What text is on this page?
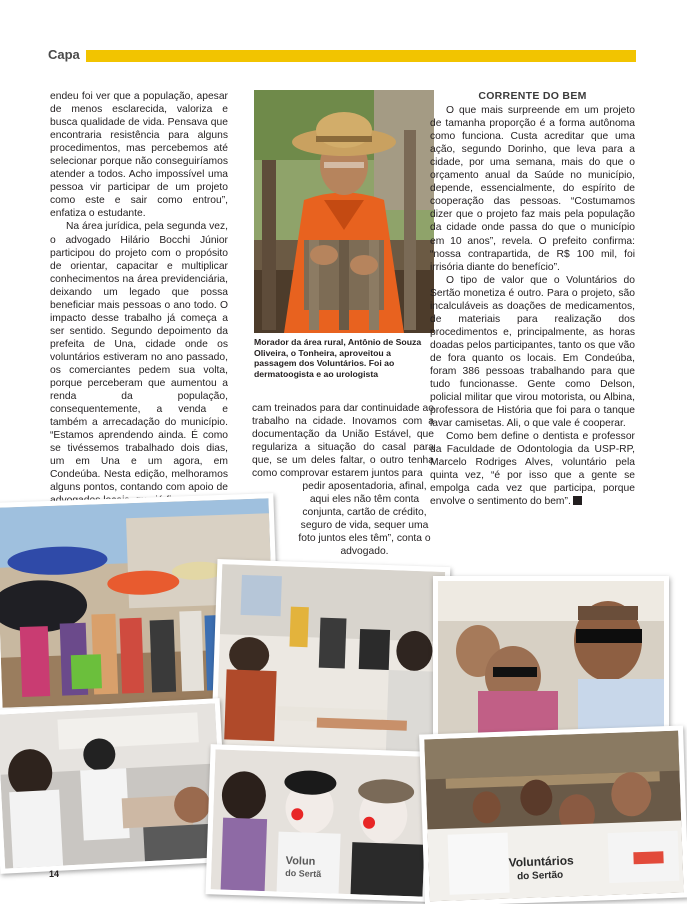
Capa

endeu foi ver que a população, apesar de menos esclarecida, valoriza e busca qualidade de vida. Pensava que encontraria resistência para alguns procedimentos, mas percebemos até selecionar porque não conseguiríamos atender a todos. Acho impossível uma pessoa vir participar de um projeto como este e sair como entrou”, enfatiza o estudante.

Na área jurídica, pela segunda vez, o advogado Hilário Bocchi Júnior participou do projeto com o propósito de orientar, capacitar e multiplicar conhecimentos na área previdenciária, deixando um legado que possa beneficiar mais pessoas o ano todo. O impacto desse trabalho já começa a ser sentido. Segundo depoimento da prefeita de Una, cidade onde os voluntários estiveram no ano passado, os comerciantes pedem sua volta, porque perceberam que aumentou a renda da população, consequentemente, a venda e também a arrecadação do município. “Estamos aprendendo ainda. É como se tivéssemos trabalhado dois dias, um em Una e um agora, em Condeúba. Nesta edição, melhoramos alguns pontos, contando com apoio de

Morador da área rural, Antônio de Souza Oliveira, o Tonheira, aproveitou a passagem dos Voluntários. Foi ao dermatoogista e ao urologista

cam treinados para dar continuidade ao trabalho na cidade. Inovamos com a documentação da União Estável, que regulariza a situação do casal para que, se um deles faltar, o outro tenha como comprovar estarem juntos para

pedir aposentadoria, afinal, aqui eles não têm conta conjunta, cartão de crédito, seguro de vida, sequer uma foto juntos eles têm”, conta o advogado.

CORRENTE DO BEM

O que mais surpreende em um projeto de tamanha proporção é a forma autônoma como funciona. Custa acreditar que uma ação, segundo Dorinho, que leva para a cidade, por uma semana, mais do que o orçamento anual da Saúde no município, depende, essencialmente, do espírito de cooperação das pessoas. “Costumamos dizer que o projeto faz mais pela população da cidade onde passa do que o município em 10 anos”, revela. O prefeito confirma: “nossa contrapartida, de R$ 100 mil, foi irrisória diante do benefício”.

O tipo de valor que o Voluntários do Sertão monetiza é outro. Para o projeto, são incalculáveis as doações de medicamentos, de materiais para realização dos procedimentos e, principalmente, as horas doadas pelos participantes, tanto os que vão de fora quanto os locais. Em Condeúba, foram 386 pessoas trabalhando para que tudo funcionasse. Gente como Delson, policial militar que virou motorista, ou Albina, professora de História que foi para o tanque lavar camisetas. Ali, o que vale é cooperar.

Como bem define o dentista e professor da Faculdade de Odontologia da USP-RP, Marcelo Rodriges Alves, voluntário pela quinta vez, “é por isso que a gente se empolga cada vez que participa, porque envolve o sentimento do bem”.

Volun
do Sertã
Voluntários
do Sertão
14
